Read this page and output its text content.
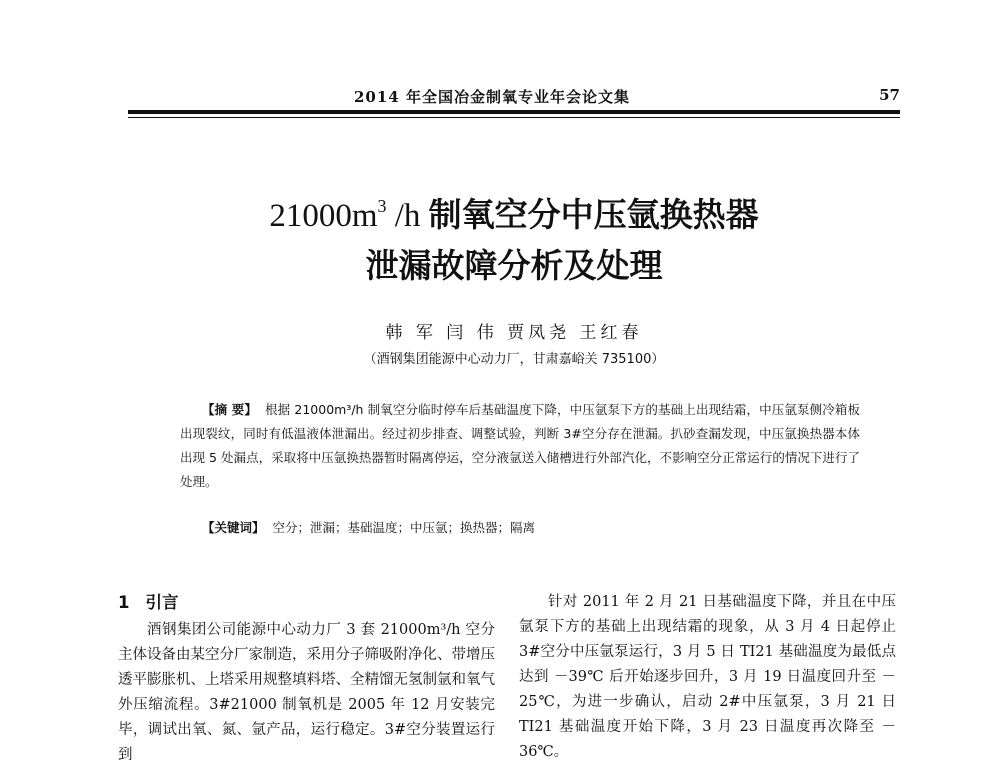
2014 年全国冶金制氧专业年会论文集	57
$21000m^3$ /h 制氧空分中压氩换热器
泄漏故障分析及处理
韩 军 闫 伟 贾凤尧 王红春
（酒钢集团能源中心动力厂，甘肃嘉峪关 735100）

【摘 要】 根据 21000m³/h 制氧空分临时停车后基础温度下降，中压氩泵下方的基础上出现结霜，中压氩泵侧冷箱板出现裂纹，同时有低温液体泄漏出。经过初步排查、调整试验，判断 3#空分存在泄漏。扒砂查漏发现，中压氩换热器本体出现 5 处漏点，采取将中压氩换热器暂时隔离停运，空分液氩送入储槽进行外部汽化，不影响空分正常运行的情况下进行了处理。

【关键词】 空分；泄漏；基础温度；中压氩；换热器；隔离
1 引言

酒钢集团公司能源中心动力厂 3 套 21000m³/h 空分主体设备由某空分厂家制造，采用分子筛吸附净化、带增压透平膨胀机、上塔采用规整填料塔、全精馏无氢制氩和氧气外压缩流程。3#21000 制氧机是 2005 年 12 月安装完毕，调试出氧、氮、氩产品，运行稳定。3#空分装置运行到

针对 2011 年 2 月 21 日基础温度下降，并且在中压氩泵下方的基础上出现结霜的现象，从 3 月 4 日起停止 3#空分中压氩泵运行，3 月 5 日 TI21 基础温度为最低点达到 －39℃ 后开始逐步回升，3 月 19 日温度回升至 －25℃，为进一步确认，启动 2#中压氩泵，3 月 21 日 TI21 基础温度开始下降，3 月 23 日温度再次降至 －36℃。
